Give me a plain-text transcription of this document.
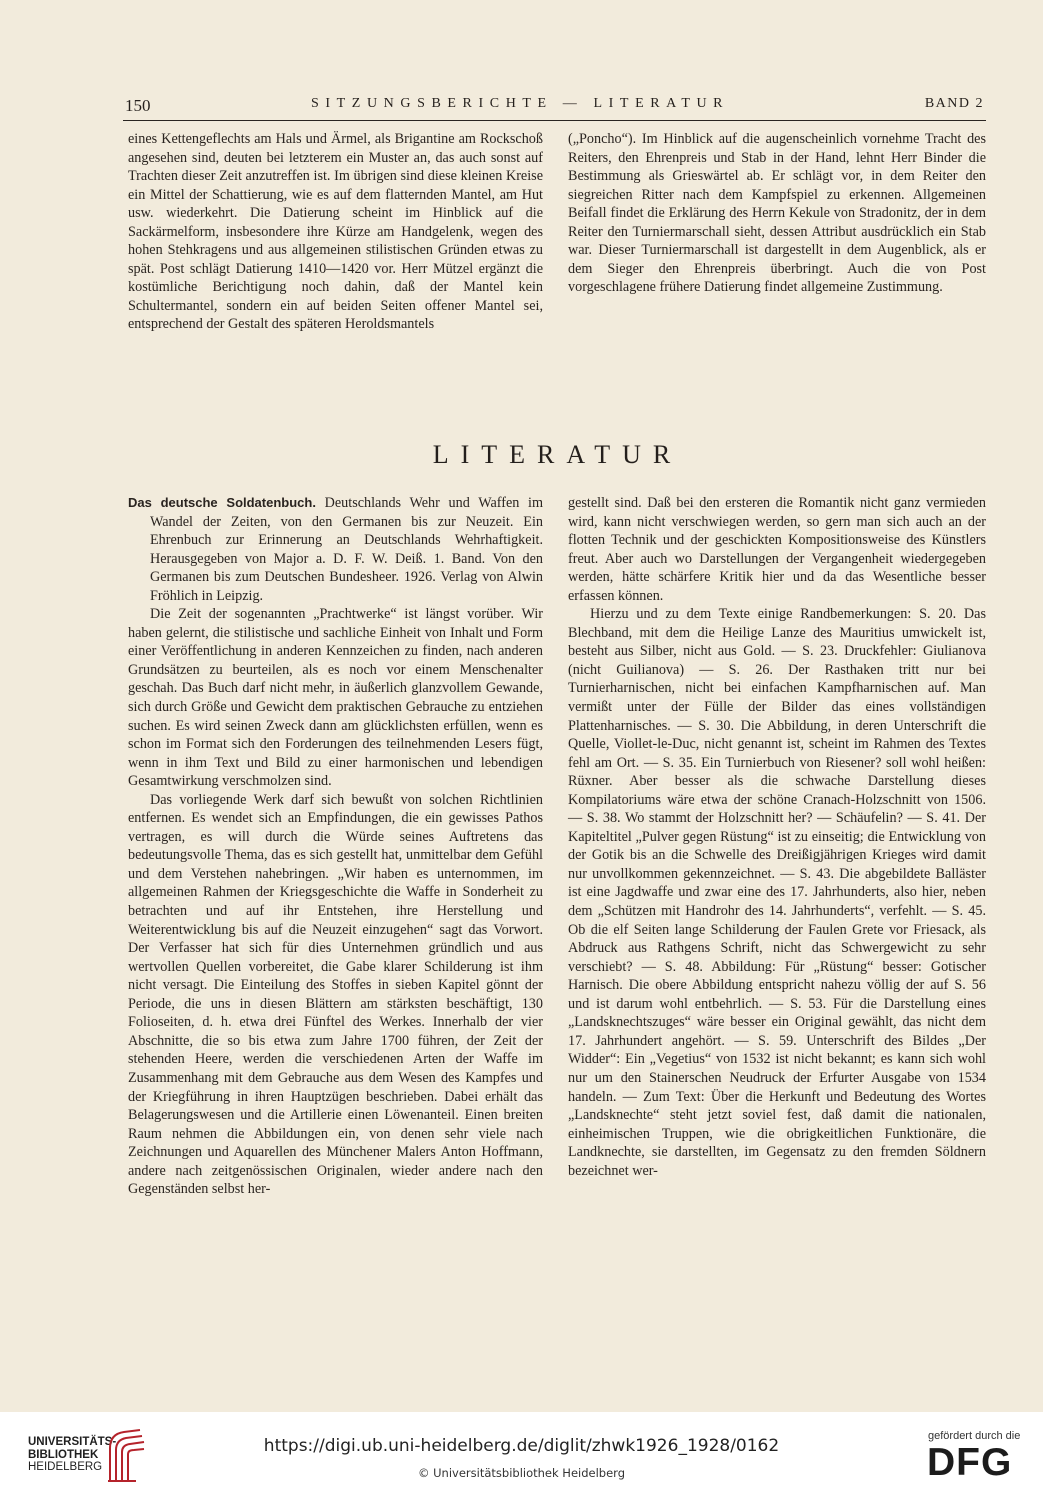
150	SITZUNGSBERICHTE — LITERATUR	BAND 2

eines Kettengeflechts am Hals und Ärmel, als Brigantine am Rockschoß angesehen sind, deuten bei letzterem ein Muster an, das auch sonst auf Trachten dieser Zeit anzutreffen ist. Im übrigen sind diese kleinen Kreise ein Mittel der Schattierung, wie es auf dem flatternden Mantel, am Hut usw. wiederkehrt. Die Datierung scheint im Hinblick auf die Sackärmelform, insbesondere ihre Kürze am Handgelenk, wegen des hohen Stehkragens und aus allgemeinen stilistischen Gründen etwas zu spät. Post schlägt Datierung 1410—1420 vor. Herr Mützel ergänzt die kostümliche Berichtigung noch dahin, daß der Mantel kein Schultermantel, sondern ein auf beiden Seiten offener Mantel sei, entsprechend der Gestalt des späteren Heroldsmantels

(„Poncho“). Im Hinblick auf die augenscheinlich vornehme Tracht des Reiters, den Ehrenpreis und Stab in der Hand, lehnt Herr Binder die Bestimmung als Grieswärtel ab. Er schlägt vor, in dem Reiter den siegreichen Ritter nach dem Kampfspiel zu erkennen. Allgemeinen Beifall findet die Erklärung des Herrn Kekule von Stradonitz, der in dem Reiter den Turniermarschall sieht, dessen Attribut ausdrücklich ein Stab war. Dieser Turniermarschall ist dargestellt in dem Augenblick, als er dem Sieger den Ehrenpreis überbringt. Auch die von Post vorgeschlagene frühere Datierung findet allgemeine Zustimmung.

LITERATUR

Das deutsche Soldatenbuch. Deutschlands Wehr und Waffen im Wandel der Zeiten, von den Germanen bis zur Neuzeit. Ein Ehrenbuch zur Erinnerung an Deutschlands Wehrhaftigkeit. Herausgegeben von Major a. D. F. W. Deiß. 1. Band. Von den Germanen bis zum Deutschen Bundesheer. 1926. Verlag von Alwin Fröhlich in Leipzig.

Die Zeit der sogenannten „Prachtwerke“ ist längst vorüber. Wir haben gelernt, die stilistische und sachliche Einheit von Inhalt und Form einer Veröffentlichung in anderen Kennzeichen zu finden, nach anderen Grundsätzen zu beurteilen, als es noch vor einem Menschenalter geschah. Das Buch darf nicht mehr, in äußerlich glanzvollem Gewande, sich durch Größe und Gewicht dem praktischen Gebrauche zu entziehen suchen. Es wird seinen Zweck dann am glücklichsten erfüllen, wenn es schon im Format sich den Forderungen des teilnehmenden Lesers fügt, wenn in ihm Text und Bild zu einer harmonischen und lebendigen Gesamtwirkung verschmolzen sind.

Das vorliegende Werk darf sich bewußt von solchen Richtlinien entfernen. Es wendet sich an Empfindungen, die ein gewisses Pathos vertragen, es will durch die Würde seines Auftretens das bedeutungsvolle Thema, das es sich gestellt hat, unmittelbar dem Gefühl und dem Verstehen nahebringen. „Wir haben es unternommen, im allgemeinen Rahmen der Kriegsgeschichte die Waffe in Sonderheit zu betrachten und auf ihr Entstehen, ihre Herstellung und Weiterentwicklung bis auf die Neuzeit einzugehen“ sagt das Vorwort. Der Verfasser hat sich für dies Unternehmen gründlich und aus wertvollen Quellen vorbereitet, die Gabe klarer Schilderung ist ihm nicht versagt. Die Einteilung des Stoffes in sieben Kapitel gönnt der Periode, die uns in diesen Blättern am stärksten beschäftigt, 130 Folioseiten, d. h. etwa drei Fünftel des Werkes. Innerhalb der vier Abschnitte, die so bis etwa zum Jahre 1700 führen, der Zeit der stehenden Heere, werden die verschiedenen Arten der Waffe im Zusammenhang mit dem Gebrauche aus dem Wesen des Kampfes und der Kriegführung in ihren Hauptzügen beschrieben. Dabei erhält das Belagerungswesen und die Artillerie einen Löwenanteil. Einen breiten Raum nehmen die Abbildungen ein, von denen sehr viele nach Zeichnungen und Aquarellen des Münchener Malers Anton Hoffmann, andere nach zeitgenössischen Originalen, wieder andere nach den Gegenständen selbst her-

gestellt sind. Daß bei den ersteren die Romantik nicht ganz vermieden wird, kann nicht verschwiegen werden, so gern man sich auch an der flotten Technik und der geschickten Kompositionsweise des Künstlers freut. Aber auch wo Darstellungen der Vergangenheit wiedergegeben werden, hätte schärfere Kritik hier und da das Wesentliche besser erfassen können.

Hierzu und zu dem Texte einige Randbemerkungen: S. 20. Das Blechband, mit dem die Heilige Lanze des Mauritius umwickelt ist, besteht aus Silber, nicht aus Gold. — S. 23. Druckfehler: Giulianova (nicht Guilianova) — S. 26. Der Rasthaken tritt nur bei Turnierharnischen, nicht bei einfachen Kampfharnischen auf. Man vermißt unter der Fülle der Bilder das eines vollständigen Plattenharnisches. — S. 30. Die Abbildung, in deren Unterschrift die Quelle, Viollet-le-Duc, nicht genannt ist, scheint im Rahmen des Textes fehl am Ort. — S. 35. Ein Turnierbuch von Riesener? soll wohl heißen: Rüxner. Aber besser als die schwache Darstellung dieses Kompilatoriums wäre etwa der schöne Cranach-Holzschnitt von 1506. — S. 38. Wo stammt der Holzschnitt her? — Schäufelin? — S. 41. Der Kapiteltitel „Pulver gegen Rüstung“ ist zu einseitig; die Entwicklung von der Gotik bis an die Schwelle des Dreißigjährigen Krieges wird damit nur unvollkommen gekennzeichnet. — S. 43. Die abgebildete Balläster ist eine Jagdwaffe und zwar eine des 17. Jahrhunderts, also hier, neben dem „Schützen mit Handrohr des 14. Jahrhunderts“, verfehlt. — S. 45. Ob die elf Seiten lange Schilderung der Faulen Grete vor Friesack, als Abdruck aus Rathgens Schrift, nicht das Schwergewicht zu sehr verschiebt? — S. 48. Abbildung: Für „Rüstung“ besser: Gotischer Harnisch. Die obere Abbildung entspricht nahezu völlig der auf S. 56 und ist darum wohl entbehrlich. — S. 53. Für die Darstellung eines „Landsknechtszuges“ wäre besser ein Original gewählt, das nicht dem 17. Jahrhundert angehört. — S. 59. Unterschrift des Bildes „Der Widder“: Ein „Vegetius“ von 1532 ist nicht bekannt; es kann sich wohl nur um den Stainerschen Neudruck der Erfurter Ausgabe von 1534 handeln. — Zum Text: Über die Herkunft und Bedeutung des Wortes „Landsknechte“ steht jetzt soviel fest, daß damit die nationalen, einheimischen Truppen, wie die obrigkeitlichen Funktionäre, die Landknechte, sie darstellten, im Gegensatz zu den fremden Söldnern bezeichnet wer-

UNIVERSITÄTS-
BIBLIOTHEK
HEIDELBERG
https://digi.ub.uni-heidelberg.de/diglit/zhwk1926_1928/0162
© Universitätsbibliothek Heidelberg
gefördert durch die
DFG
